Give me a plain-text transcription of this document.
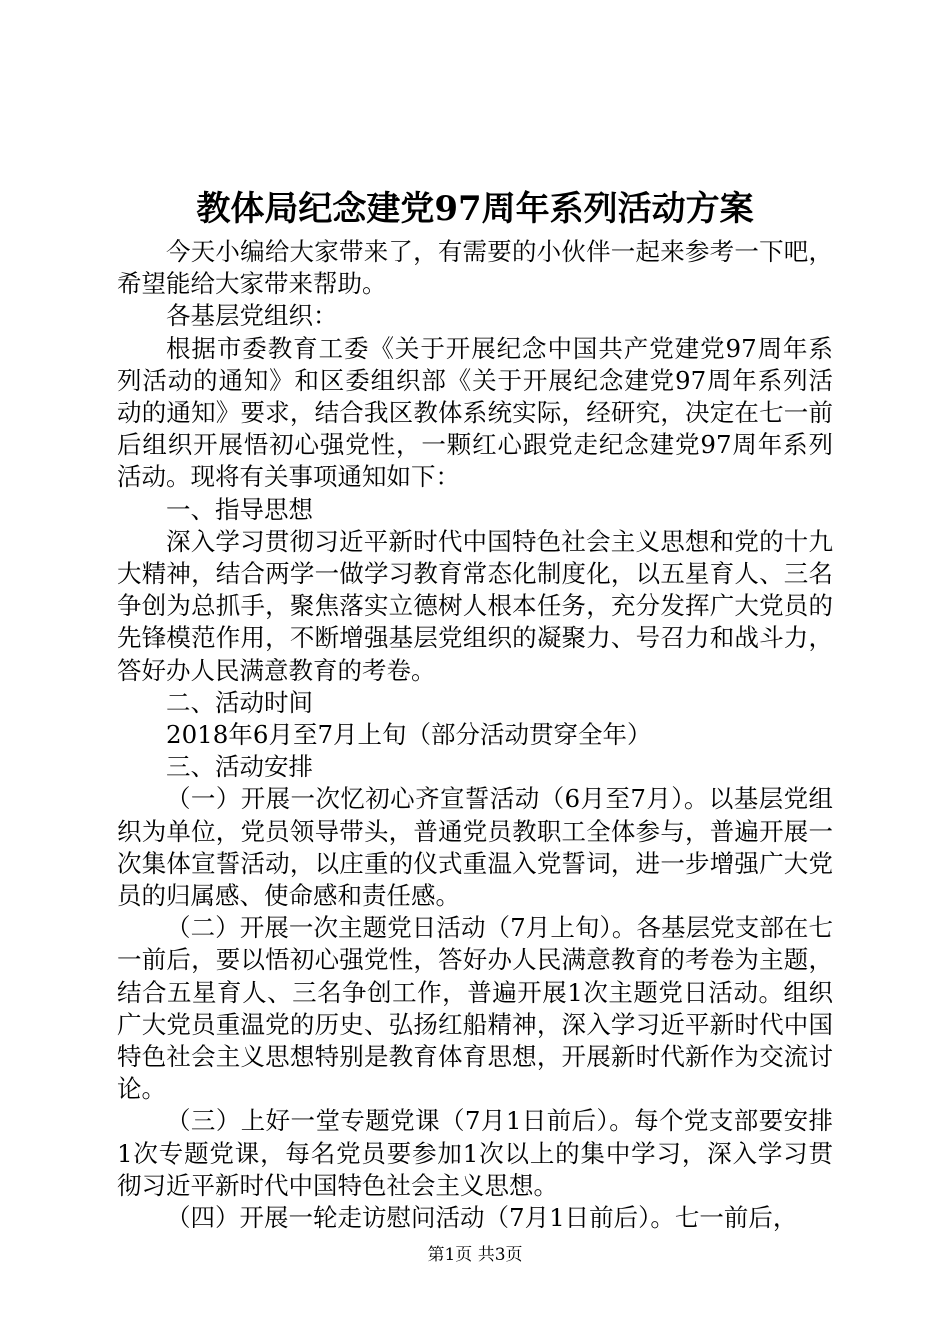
教体局纪念建党97周年系列活动方案

今天小编给大家带来了，有需要的小伙伴一起来参考一下吧，希望能给大家带来帮助。

各基层党组织：

根据市委教育工委《关于开展纪念中国共产党建党97周年系列活动的通知》和区委组织部《关于开展纪念建党97周年系列活动的通知》要求，结合我区教体系统实际，经研究，决定在七一前后组织开展悟初心强党性，一颗红心跟党走纪念建党97周年系列活动。现将有关事项通知如下：

一、指导思想

深入学习贯彻习近平新时代中国特色社会主义思想和党的十九大精神，结合两学一做学习教育常态化制度化，以五星育人、三名争创为总抓手，聚焦落实立德树人根本任务，充分发挥广大党员的先锋模范作用，不断增强基层党组织的凝聚力、号召力和战斗力，答好办人民满意教育的考卷。

二、活动时间

2018年6月至7月上旬（部分活动贯穿全年）

三、活动安排

（一）开展一次忆初心齐宣誓活动（6月至7月）。以基层党组织为单位，党员领导带头，普通党员教职工全体参与，普遍开展一次集体宣誓活动，以庄重的仪式重温入党誓词，进一步增强广大党员的归属感、使命感和责任感。

（二）开展一次主题党日活动（7月上旬）。各基层党支部在七一前后，要以悟初心强党性，答好办人民满意教育的考卷为主题，结合五星育人、三名争创工作，普遍开展1次主题党日活动。组织广大党员重温党的历史、弘扬红船精神，深入学习近平新时代中国特色社会主义思想特别是教育体育思想，开展新时代新作为交流讨论。

（三）上好一堂专题党课（7月1日前后）。每个党支部要安排1次专题党课，每名党员要参加1次以上的集中学习，深入学习贯彻习近平新时代中国特色社会主义思想。

（四）开展一轮走访慰问活动（7月1日前后）。七一前后，

第1页 共3页
